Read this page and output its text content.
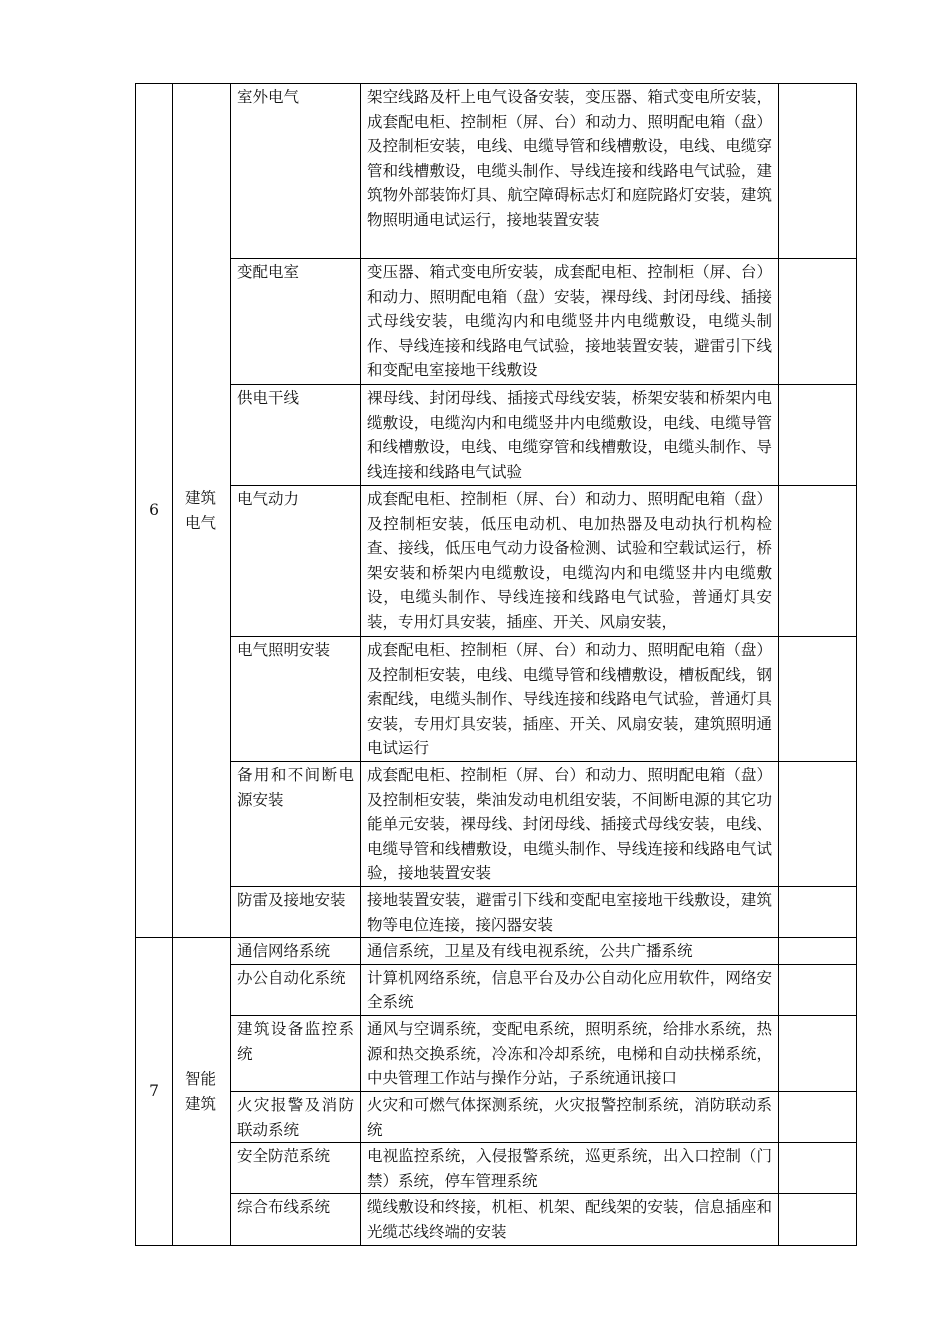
6	建筑电气	室外电气	架空线路及杆上电气设备安装，变压器、箱式变电所安装，成套配电柜、控制柜（屏、台）和动力、照明配电箱（盘）及控制柜安装，电线、电缆导管和线槽敷设，电线、电缆穿管和线槽敷设，电缆头制作、导线连接和线路电气试验，建筑物外部装饰灯具、航空障碍标志灯和庭院路灯安装，建筑物照明通电试运行，接地装置安装	
		变配电室	变压器、箱式变电所安装，成套配电柜、控制柜（屏、台）和动力、照明配电箱（盘）安装，裸母线、封闭母线、插接式母线安装，电缆沟内和电缆竖井内电缆敷设，电缆头制作、导线连接和线路电气试验，接地装置安装，避雷引下线和变配电室接地干线敷设	
		供电干线	裸母线、封闭母线、插接式母线安装，桥架安装和桥架内电缆敷设，电缆沟内和电缆竖井内电缆敷设，电线、电缆导管和线槽敷设，电线、电缆穿管和线槽敷设，电缆头制作、导线连接和线路电气试验	
		电气动力	成套配电柜、控制柜（屏、台）和动力、照明配电箱（盘）及控制柜安装，低压电动机、电加热器及电动执行机构检查、接线，低压电气动力设备检测、试验和空载试运行，桥架安装和桥架内电缆敷设，电缆沟内和电缆竖井内电缆敷设，电缆头制作、导线连接和线路电气试验，普通灯具安装，专用灯具安装，插座、开关、风扇安装，	
		电气照明安装	成套配电柜、控制柜（屏、台）和动力、照明配电箱（盘）及控制柜安装，电线、电缆导管和线槽敷设，槽板配线，钢索配线，电缆头制作、导线连接和线路电气试验，普通灯具安装，专用灯具安装，插座、开关、风扇安装，建筑照明通电试运行	
		备用和不间断电源安装	成套配电柜、控制柜（屏、台）和动力、照明配电箱（盘）及控制柜安装，柴油发动电机组安装，不间断电源的其它功能单元安装，裸母线、封闭母线、插接式母线安装，电线、电缆导管和线槽敷设，电缆头制作、导线连接和线路电气试验，接地装置安装	
		防雷及接地安装	接地装置安装，避雷引下线和变配电室接地干线敷设，建筑物等电位连接，接闪器安装	
7	智能建筑	通信网络系统	通信系统，卫星及有线电视系统，公共广播系统	
		办公自动化系统	计算机网络系统，信息平台及办公自动化应用软件，网络安全系统	
		建筑设备监控系统	通风与空调系统，变配电系统，照明系统，给排水系统，热源和热交换系统，冷冻和冷却系统，电梯和自动扶梯系统，中央管理工作站与操作分站，子系统通讯接口	
		火灾报警及消防联动系统	火灾和可燃气体探测系统，火灾报警控制系统，消防联动系统	
		安全防范系统	电视监控系统，入侵报警系统，巡更系统，出入口控制（门禁）系统，停车管理系统	
		综合布线系统	缆线敷设和终接，机柜、机架、配线架的安装，信息插座和光缆芯线终端的安装	
